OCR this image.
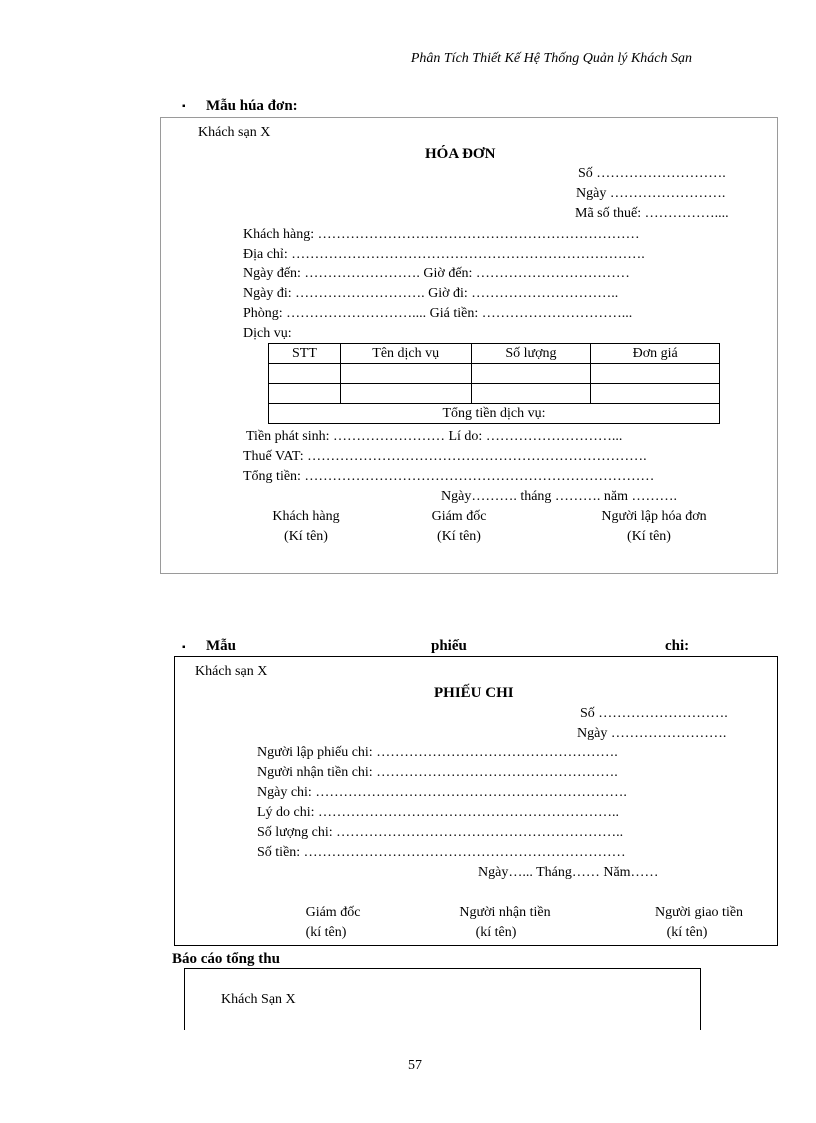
Phân Tích Thiết Kế Hệ Thống Quản lý Khách Sạn
▪ Mẫu húa đơn:
Khách sạn X
HÓA ĐƠN
Số ……………………….
Ngày …………………….
Mã số thuế: ……………....
Khách hàng: ……………………………………………………………
Địa chỉ: ………………………………………………………………….
Ngày đến: ……………………. Giờ đến: ……………………………
Ngày đi: ………………………. Giờ đi: …………………………..
Phòng: ……………………….... Giá tiền: …………………………...
Dịch vụ:
STT	Tên dịch vụ	Số lượng	Đơn giá

Tổng tiền dịch vụ:			
Tiền phát sinh: …………………… Lí do: ………………………...
Thuế VAT: ……………………………………………………………….
Tổng tiền: …………………………………………………………………
Ngày………. tháng ………. năm ……….
Khách hàng
(Kí tên)
Giám đốc
(Kí tên)
Người lập hóa đơn
(Kí tên)
▪ Mẫu	phiếu	chi:
Khách sạn X
PHIẾU CHI
Số ……………………….
Ngày …………………….
Người lập phiếu chi: …………………………………………….
Người nhận tiền chi: …………………………………………….
Ngày chi: ………………………………………………………….
Lý do chi: ………………………………………………………..
Số lượng chi: ……………………………………………………..
Số tiền: ……………………………………………………………
Ngày…... Tháng…… Năm……
Giám đốc
(kí tên)
Người nhận tiền
(kí tên)
Người giao tiền
(kí tên)
Báo cáo tổng thu
Khách Sạn X
57
